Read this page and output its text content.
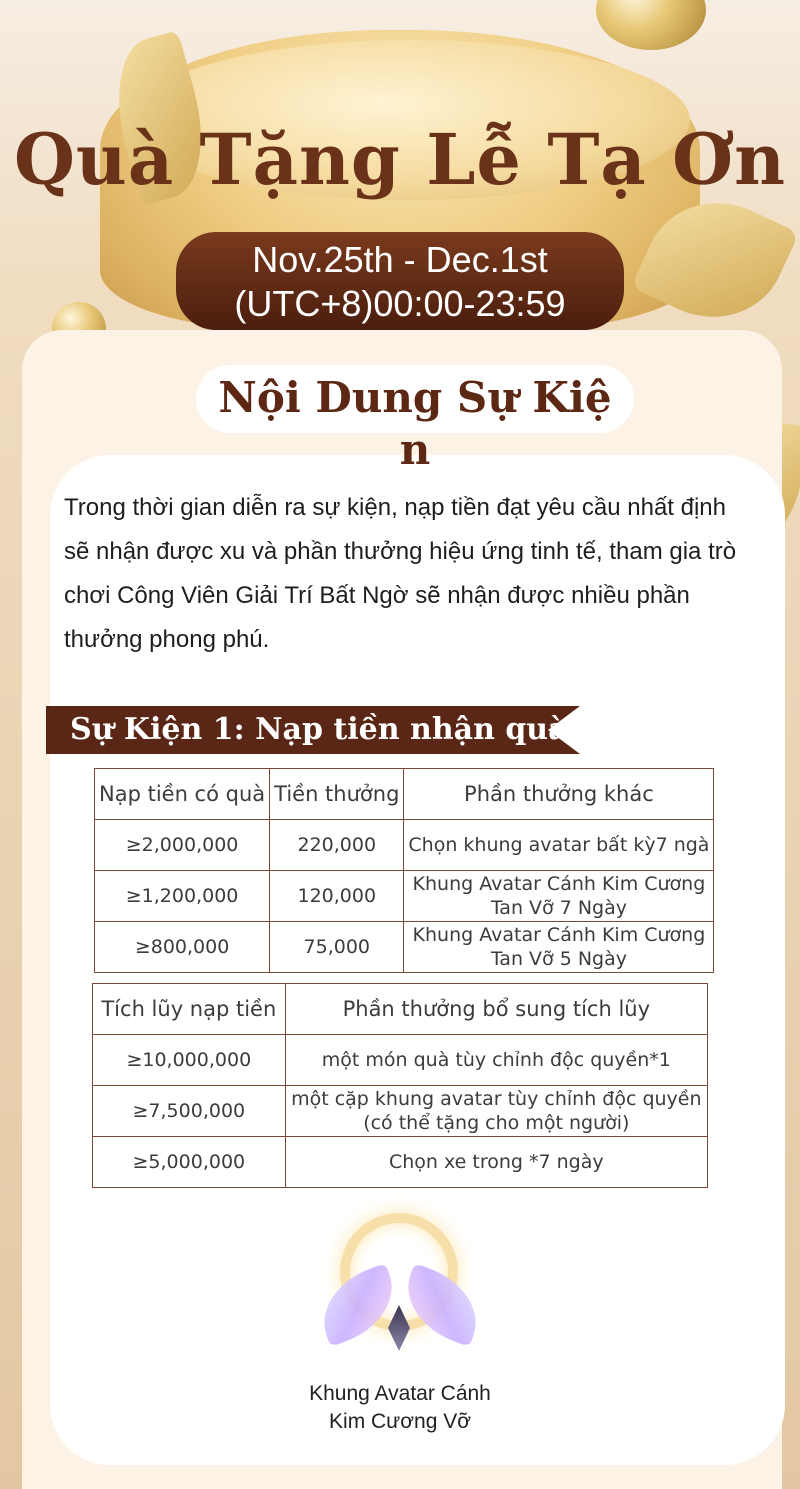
Quà Tặng Lễ Tạ Ơn
Nov.25th - Dec.1st
(UTC+8)00:00-23:59
Nội Dung Sự Kiệ
n

Trong thời gian diễn ra sự kiện, nạp tiền đạt yêu cầu nhất định sẽ nhận được xu và phần thưởng hiệu ứng tinh tế, tham gia trò chơi Công Viên Giải Trí Bất Ngờ sẽ nhận được nhiều phần thưởng phong phú.

Sự Kiện 1: Nạp tiền nhận quà
Nạp tiền có quà	Tiền thưởng	Phần thưởng khác
≥2,000,000	220,000	Chọn khung avatar bất kỳ7 ngà

≥1,200,000	120,000	Khung Avatar Cánh Kim Cương Tan Vỡ 7 Ngày
≥800,000	75,000	Khung Avatar Cánh Kim Cương Tan Vỡ 5 Ngày
Tích lũy nạp tiền	Phần thưởng bổ sung tích lũy
≥10,000,000	một món quà tùy chỉnh độc quyền*1
≥7,500,000	một cặp khung avatar tùy chỉnh độc quyền (có thể tặng cho một người)
≥5,000,000	Chọn xe trong *7 ngày

Khung Avatar Cánh Kim Cương Vỡ
